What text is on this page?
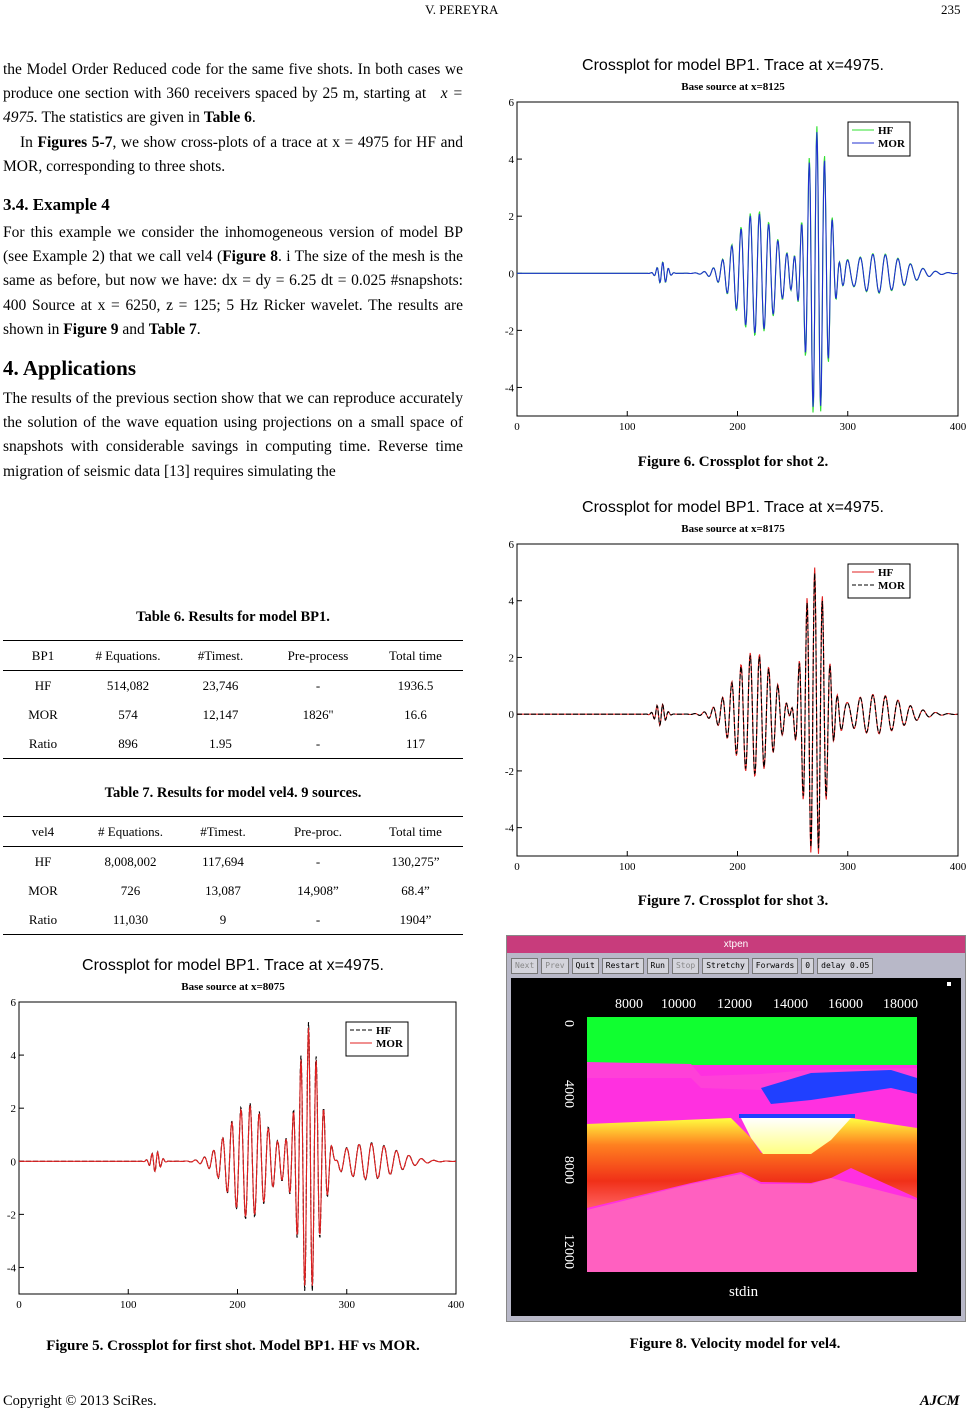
V. PEREYRA	235

the Model Order Reduced code for the same five shots. In both cases we produce one section with 360 receivers spaced by 25 m, starting at x = 4975. The statistics are given in Table 6.

In Figures 5-7, we show cross-plots of a trace at x = 4975 for HF and MOR, corresponding to three shots.

3.4. Example 4

For this example we consider the inhomogeneous version of model BP (see Example 2) that we call vel4 (Figure 8. i The size of the mesh is the same as before, but now we have: dx = dy = 6.25 dt = 0.025 #snapshots: 400 Source at x = 6250, z = 125; 5 Hz Ricker wavelet. The results are shown in Figure 9 and Table 7.

4. Applications

The results of the previous section show that we can reproduce accurately the solution of the wave equation using projections on a small space of snapshots with considerable savings in computing time. Reverse time migration of seismic data [13] requires simulating the

Table 6. Results for model BP1.
BP1	# Equations.	#Timest.	Pre-process	Total time
HF	514,082	23,746	-	1936.5
MOR	574	12,147	1826''	16.6
Ratio	896	1.95	-	117
Table 7. Results for model vel4. 9 sources.
vel4	# Equations.	#Timest.	Pre-proc.	Total time
HF	8,008,002	117,694	-	130,275”
MOR	726	13,087	14,908”	68.4”
Ratio	11,030	9	-	1904”
Crossplot for model BP1. Trace at x=4975.
Base source at x=8075
-4
-2
0
2
4
6
0	100	200	300	400
HF
MOR
Figure 5. Crossplot for first shot. Model BP1. HF vs MOR.
Crossplot for model BP1. Trace at x=4975.
Base source at x=8125
-4
-2
0
2
4
6
0	100	200	300	400
HF
MOR
Figure 6. Crossplot for shot 2.
Crossplot for model BP1. Trace at x=4975.
Base source at x=8175
-4
-2
0
2
4
6
0	100	200	300	400
HF
MOR
Figure 7. Crossplot for shot 3.
xtpen
Next	Prev	Quit	Restart	Run	Stop	Stretchy	Forwards	0	delay 0.05
8000 10000 12000 14000 16000 18000
0
4000
8000
12000
stdin
Figure 8. Velocity model for vel4.
Copyright © 2013 SciRes.	AJCM
